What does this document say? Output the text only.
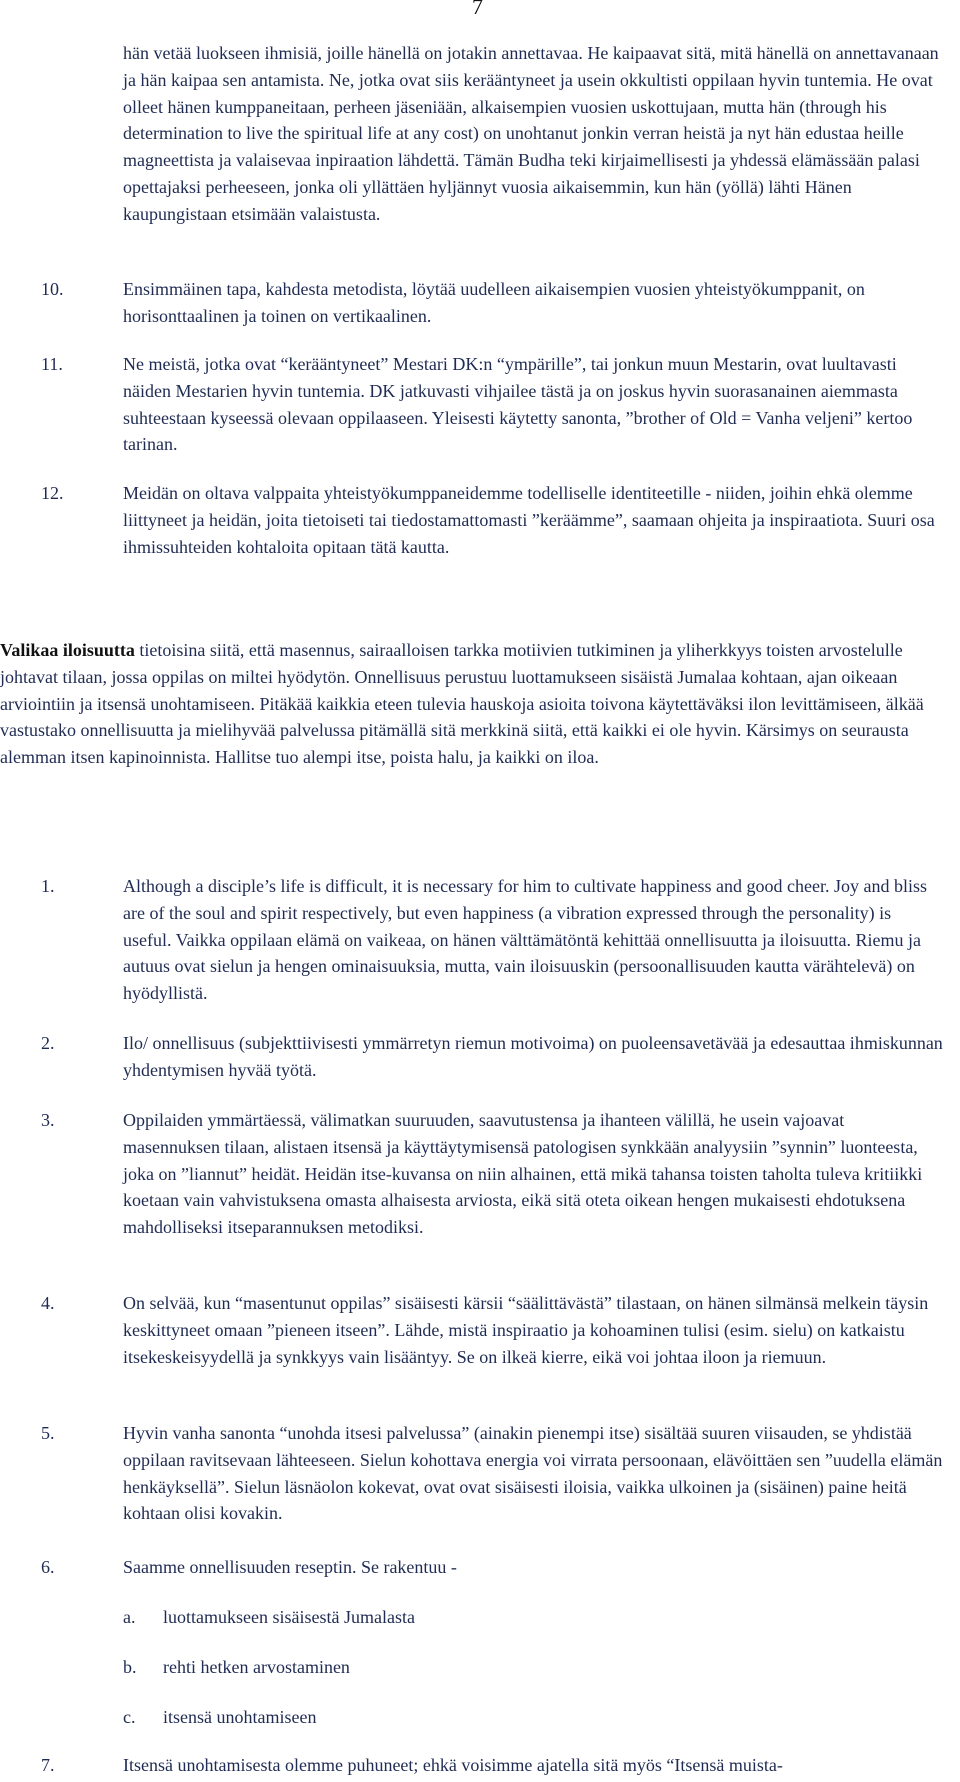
7

hän vetää luokseen ihmisiä, joille hänellä on jotakin annettavaa. He kaipaavat sitä, mitä hänellä on annettavanaan ja hän kaipaa sen antamista. Ne, jotka ovat siis kerääntyneet ja usein okkultisti oppilaan hyvin tuntemia. He ovat olleet hänen kumppaneitaan, perheen jäseniään, alkaisempien vuosien uskottujaan, mutta hän (through his determination to live the spiritual life at any cost) on unohtanut jonkin verran heistä ja nyt hän edustaa heille magneettista ja valaisevaa inpiraation lähdettä. Tämän Budha teki kirjaimellisesti ja yhdessä elämässään palasi opettajaksi perheeseen, jonka oli yllättäen hyljännyt vuosia aikaisemmin, kun hän (yöllä) lähti Hänen kaupungistaan etsimään valaistusta.

10.	Ensimmäinen tapa, kahdesta metodista, löytää uudelleen aikaisempien vuosien yhteistyökumppanit, on horisonttaalinen ja toinen on vertikaalinen.

11.	Ne meistä, jotka ovat “kerääntyneet” Mestari DK:n “ympärille”, tai jonkun muun Mestarin, ovat luultavasti näiden Mestarien hyvin tuntemia. DK jatkuvasti vihjailee tästä ja on joskus hyvin suorasanainen aiemmasta suhteestaan kyseessä olevaan oppilaaseen. Yleisesti käytetty sanonta, ”brother of Old = Vanha veljeni” kertoo tarinan.

12.	Meidän on oltava valppaita yhteistyökumppaneidemme todelliselle identiteetille - niiden, joihin ehkä olemme liittyneet ja heidän, joita tietoiseti tai tiedostamattomasti ”keräämme”, saamaan ohjeita ja inspiraatiota. Suuri osa ihmissuhteiden kohtaloita opitaan tätä kautta.

Valikaa iloisuutta tietoisina siitä, että masennus, sairaalloisen tarkka motiivien tutkiminen ja yliherkkyys toisten arvostelulle johtavat tilaan, jossa oppilas on miltei hyödytön. Onnellisuus perustuu luottamukseen sisäistä Jumalaa kohtaan, ajan oikeaan arviointiin ja itsensä unohtamiseen. Pitäkää kaikkia eteen tulevia hauskoja asioita toivona käytettäväksi ilon levittämiseen, älkää vastustako onnellisuutta ja mielihyvää palvelussa pitämällä sitä merkkinä siitä, että kaikki ei ole hyvin. Kärsimys on seurausta alemman itsen kapinoinnista. Hallitse tuo alempi itse, poista halu, ja kaikki on iloa.

1.	Although a disciple’s life is difficult, it is necessary for him to cultivate happiness and good cheer. Joy and bliss are of the soul and spirit respectively, but even happiness (a vibration expressed through the personality) is useful. Vaikka oppilaan elämä on vaikeaa, on hänen välttämätöntä kehittää onnellisuutta ja iloisuutta. Riemu ja autuus ovat sielun ja hengen ominaisuuksia, mutta, vain iloisuuskin (persoonallisuuden kautta värähtelevä) on hyödyllistä.

2.	Ilo/ onnellisuus (subjekttiivisesti ymmärretyn riemun motivoima) on puoleensavetävää ja edesauttaa ihmiskunnan yhdentymisen hyvää työtä.

3.	Oppilaiden ymmärtäessä, välimatkan suuruuden, saavutustensa ja ihanteen välillä, he usein vajoavat masennuksen tilaan, alistaen itsensä ja käyttäytymisensä patologisen synkkään analyysiin ”synnin” luonteesta, joka on ”liannut” heidät. Heidän itse-kuvansa on niin alhainen, että mikä tahansa toisten taholta tuleva kritiikki koetaan vain vahvistuksena omasta alhaisesta arviosta, eikä sitä oteta oikean hengen mukaisesti ehdotuksena mahdolliseksi itseparannuksen metodiksi.

4.	On selvää, kun “masentunut oppilas” sisäisesti kärsii “säälittävästä” tilastaan, on hänen silmänsä melkein täysin keskittyneet omaan ”pieneen itseen”. Lähde, mistä inspiraatio ja kohoaminen tulisi (esim. sielu) on katkaistu itsekeskeisyydellä ja synkkyys vain lisääntyy. Se on ilkeä kierre, eikä voi johtaa iloon ja riemuun.

5.	Hyvin vanha sanonta “unohda itsesi palvelussa” (ainakin pienempi itse) sisältää suuren viisauden, se yhdistää oppilaan ravitsevaan lähteeseen. Sielun kohottava energia voi virrata persoonaan, elävöittäen sen ”uudella elämän henkäyksellä”. Sielun läsnäolon kokevat, ovat ovat sisäisesti iloisia, vaikka ulkoinen ja (sisäinen) paine heitä kohtaan olisi kovakin.

6.	Saamme onnellisuuden reseptin. Se rakentuu -

a. luottamukseen sisäisestä Jumalasta
b. rehti hetken arvostaminen
c. itsensä unohtamiseen
7.	Itsensä unohtamisesta olemme puhuneet; ehkä voisimme ajatella sitä myös “Itsensä muista-
